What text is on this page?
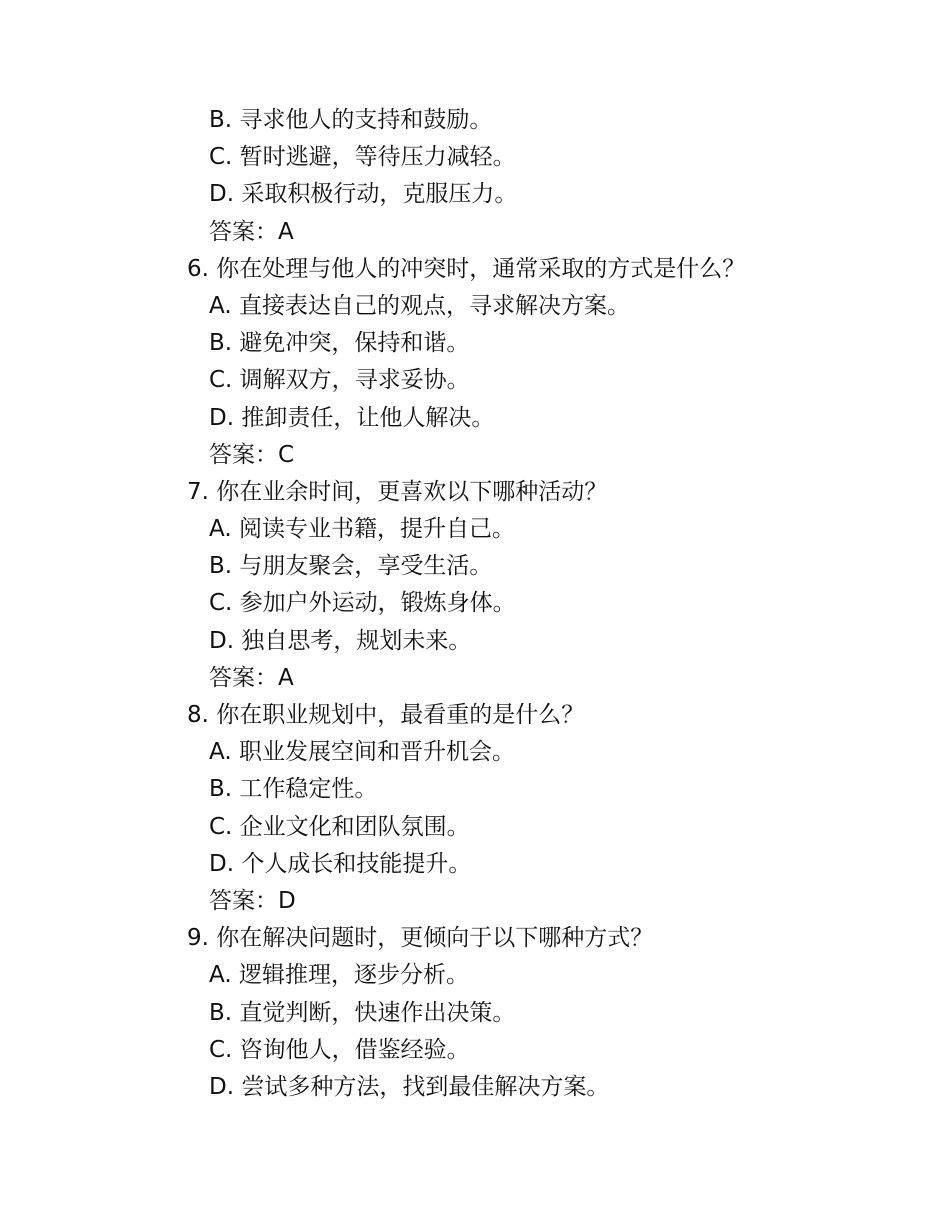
B. 寻求他人的支持和鼓励。
C. 暂时逃避，等待压力减轻。
D. 采取积极行动，克服压力。
答案：A
6. 你在处理与他人的冲突时，通常采取的方式是什么？
A. 直接表达自己的观点，寻求解决方案。
B. 避免冲突，保持和谐。
C. 调解双方，寻求妥协。
D. 推卸责任，让他人解决。
答案：C
7. 你在业余时间，更喜欢以下哪种活动？
A. 阅读专业书籍，提升自己。
B. 与朋友聚会，享受生活。
C. 参加户外运动，锻炼身体。
D. 独自思考，规划未来。
答案：A
8. 你在职业规划中，最看重的是什么？
A. 职业发展空间和晋升机会。
B. 工作稳定性。
C. 企业文化和团队氛围。
D. 个人成长和技能提升。
答案：D
9. 你在解决问题时，更倾向于以下哪种方式？
A. 逻辑推理，逐步分析。
B. 直觉判断，快速作出决策。
C. 咨询他人，借鉴经验。
D. 尝试多种方法，找到最佳解决方案。
